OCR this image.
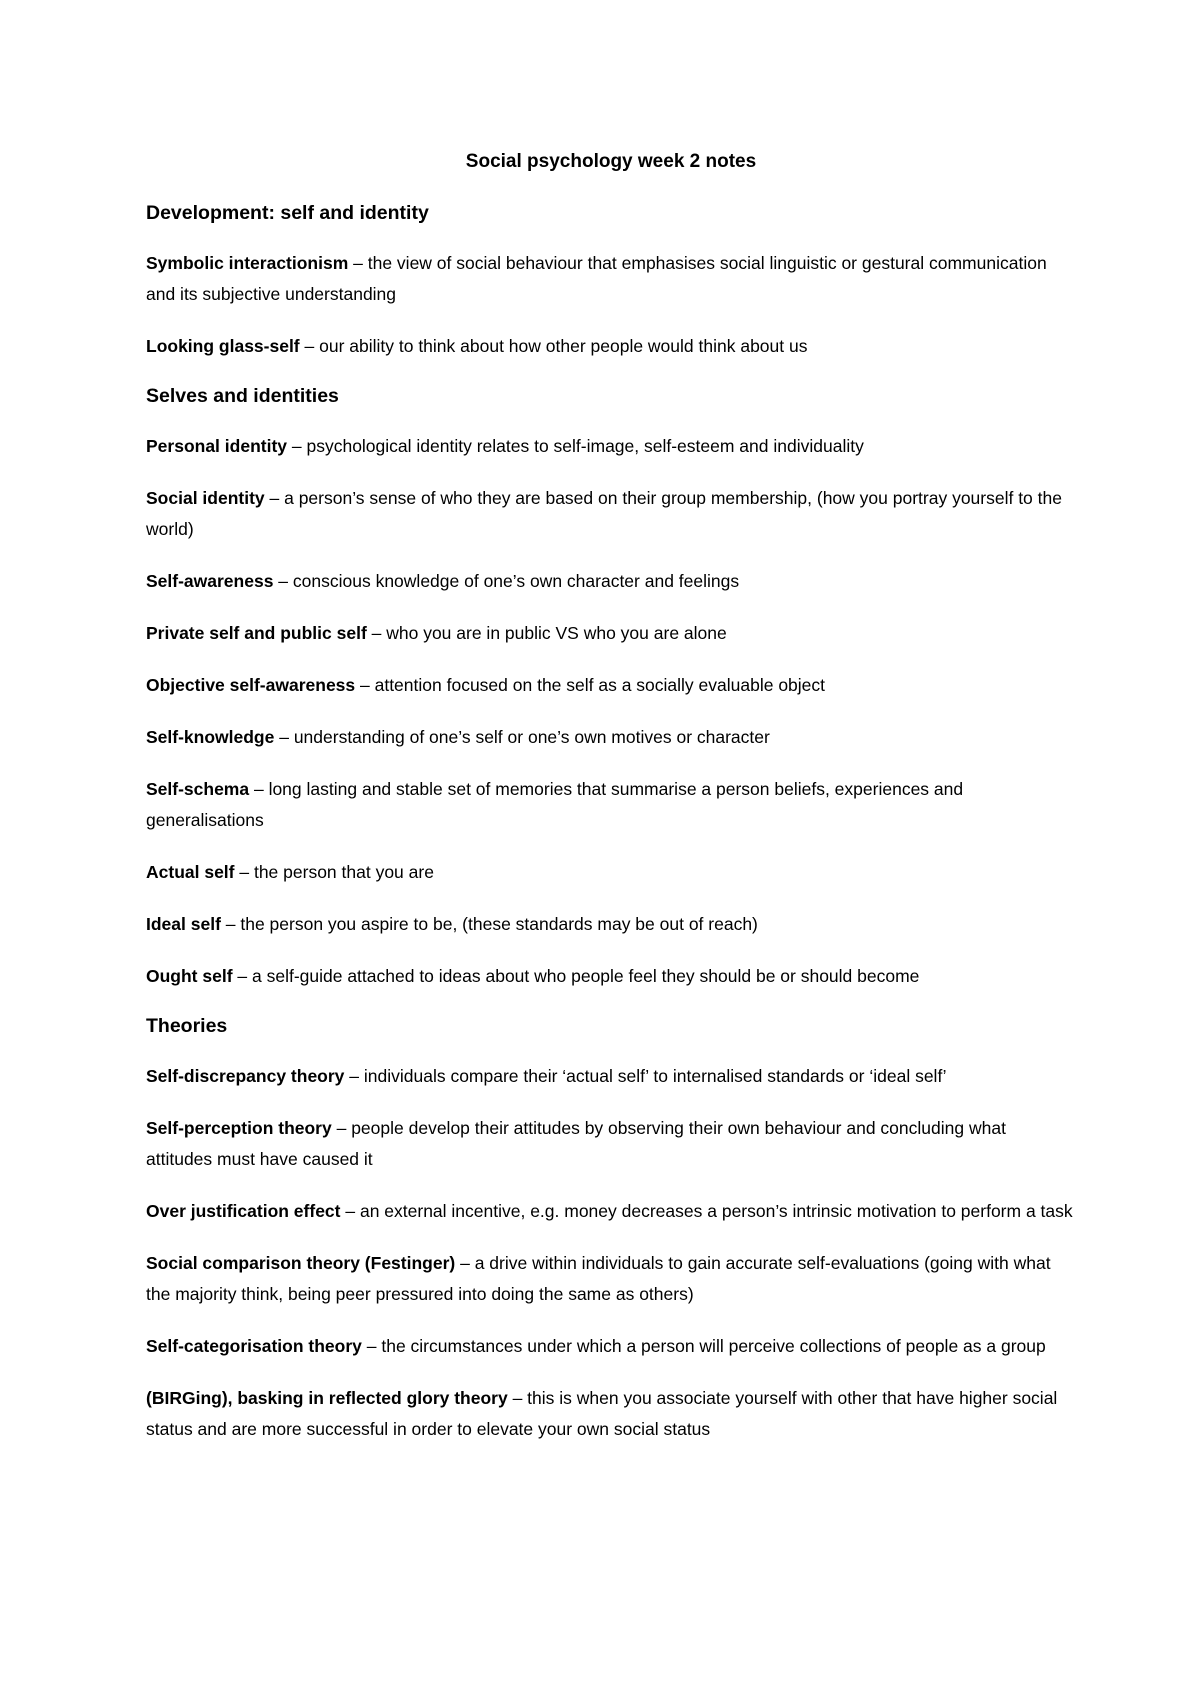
Social psychology week 2 notes
Development: self and identity
Symbolic interactionism – the view of social behaviour that emphasises social linguistic or gestural communication and its subjective understanding
Looking glass-self – our ability to think about how other people would think about us
Selves and identities
Personal identity – psychological identity relates to self-image, self-esteem and individuality
Social identity – a person’s sense of who they are based on their group membership, (how you portray yourself to the world)
Self-awareness – conscious knowledge of one’s own character and feelings
Private self and public self – who you are in public VS who you are alone
Objective self-awareness – attention focused on the self as a socially evaluable object
Self-knowledge – understanding of one’s self or one’s own motives or character
Self-schema – long lasting and stable set of memories that summarise a person beliefs, experiences and generalisations
Actual self – the person that you are
Ideal self – the person you aspire to be, (these standards may be out of reach)
Ought self – a self-guide attached to ideas about who people feel they should be or should become
Theories
Self-discrepancy theory – individuals compare their ‘actual self’ to internalised standards or ‘ideal self’
Self-perception theory – people develop their attitudes by observing their own behaviour and concluding what attitudes must have caused it
Over justification effect – an external incentive, e.g. money decreases a person’s intrinsic motivation to perform a task
Social comparison theory (Festinger) – a drive within individuals to gain accurate self-evaluations (going with what the majority think, being peer pressured into doing the same as others)
Self-categorisation theory – the circumstances under which a person will perceive collections of people as a group
(BIRGing), basking in reflected glory theory – this is when you associate yourself with other that have higher social status and are more successful in order to elevate your own social status
